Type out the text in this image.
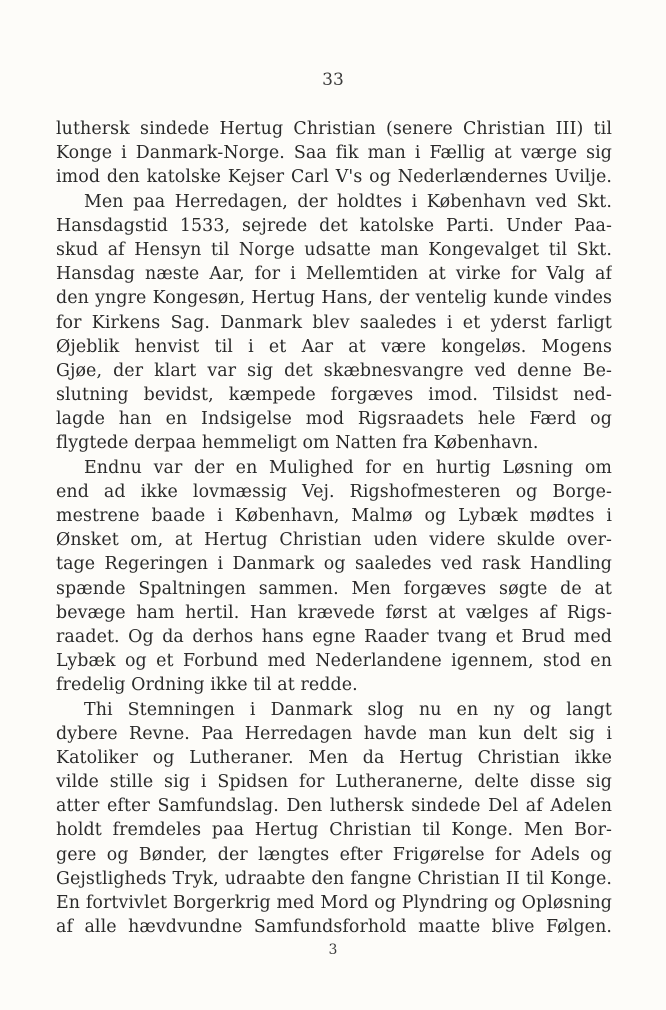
33
luthersk sindede Hertug Christian (senere Christian III) til
Konge i Danmark-Norge. Saa fik man i Fællig at værge sig
imod den katolske Kejser Carl V's og Nederlændernes Uvilje.
Men paa Herredagen, der holdtes i København ved Skt.
Hansdagstid 1533, sejrede det katolske Parti. Under Paa-
skud af Hensyn til Norge udsatte man Kongevalget til Skt.
Hansdag næste Aar, for i Mellemtiden at virke for Valg af
den yngre Kongesøn, Hertug Hans, der ventelig kunde vindes
for Kirkens Sag. Danmark blev saaledes i et yderst farligt
Øjeblik henvist til i et Aar at være kongeløs. Mogens
Gjøe, der klart var sig det skæbnesvangre ved denne Be-
slutning bevidst, kæmpede forgæves imod. Tilsidst ned-
lagde han en Indsigelse mod Rigsraadets hele Færd og
flygtede derpaa hemmeligt om Natten fra København.
Endnu var der en Mulighed for en hurtig Løsning om
end ad ikke lovmæssig Vej. Rigshofmesteren og Borge-
mestrene baade i København, Malmø og Lybæk mødtes i
Ønsket om, at Hertug Christian uden videre skulde over-
tage Regeringen i Danmark og saaledes ved rask Handling
spænde Spaltningen sammen. Men forgæves søgte de at
bevæge ham hertil. Han krævede først at vælges af Rigs-
raadet. Og da derhos hans egne Raader tvang et Brud med
Lybæk og et Forbund med Nederlandene igennem, stod en
fredelig Ordning ikke til at redde.
Thi Stemningen i Danmark slog nu en ny og langt
dybere Revne. Paa Herredagen havde man kun delt sig i
Katoliker og Lutheraner. Men da Hertug Christian ikke
vilde stille sig i Spidsen for Lutheranerne, delte disse sig
atter efter Samfundslag. Den luthersk sindede Del af Adelen
holdt fremdeles paa Hertug Christian til Konge. Men Bor-
gere og Bønder, der længtes efter Frigørelse for Adels og
Gejstligheds Tryk, udraabte den fangne Christian II til Konge.
En fortvivlet Borgerkrig med Mord og Plyndring og Opløsning
af alle hævdvundne Samfundsforhold maatte blive Følgen.
3
